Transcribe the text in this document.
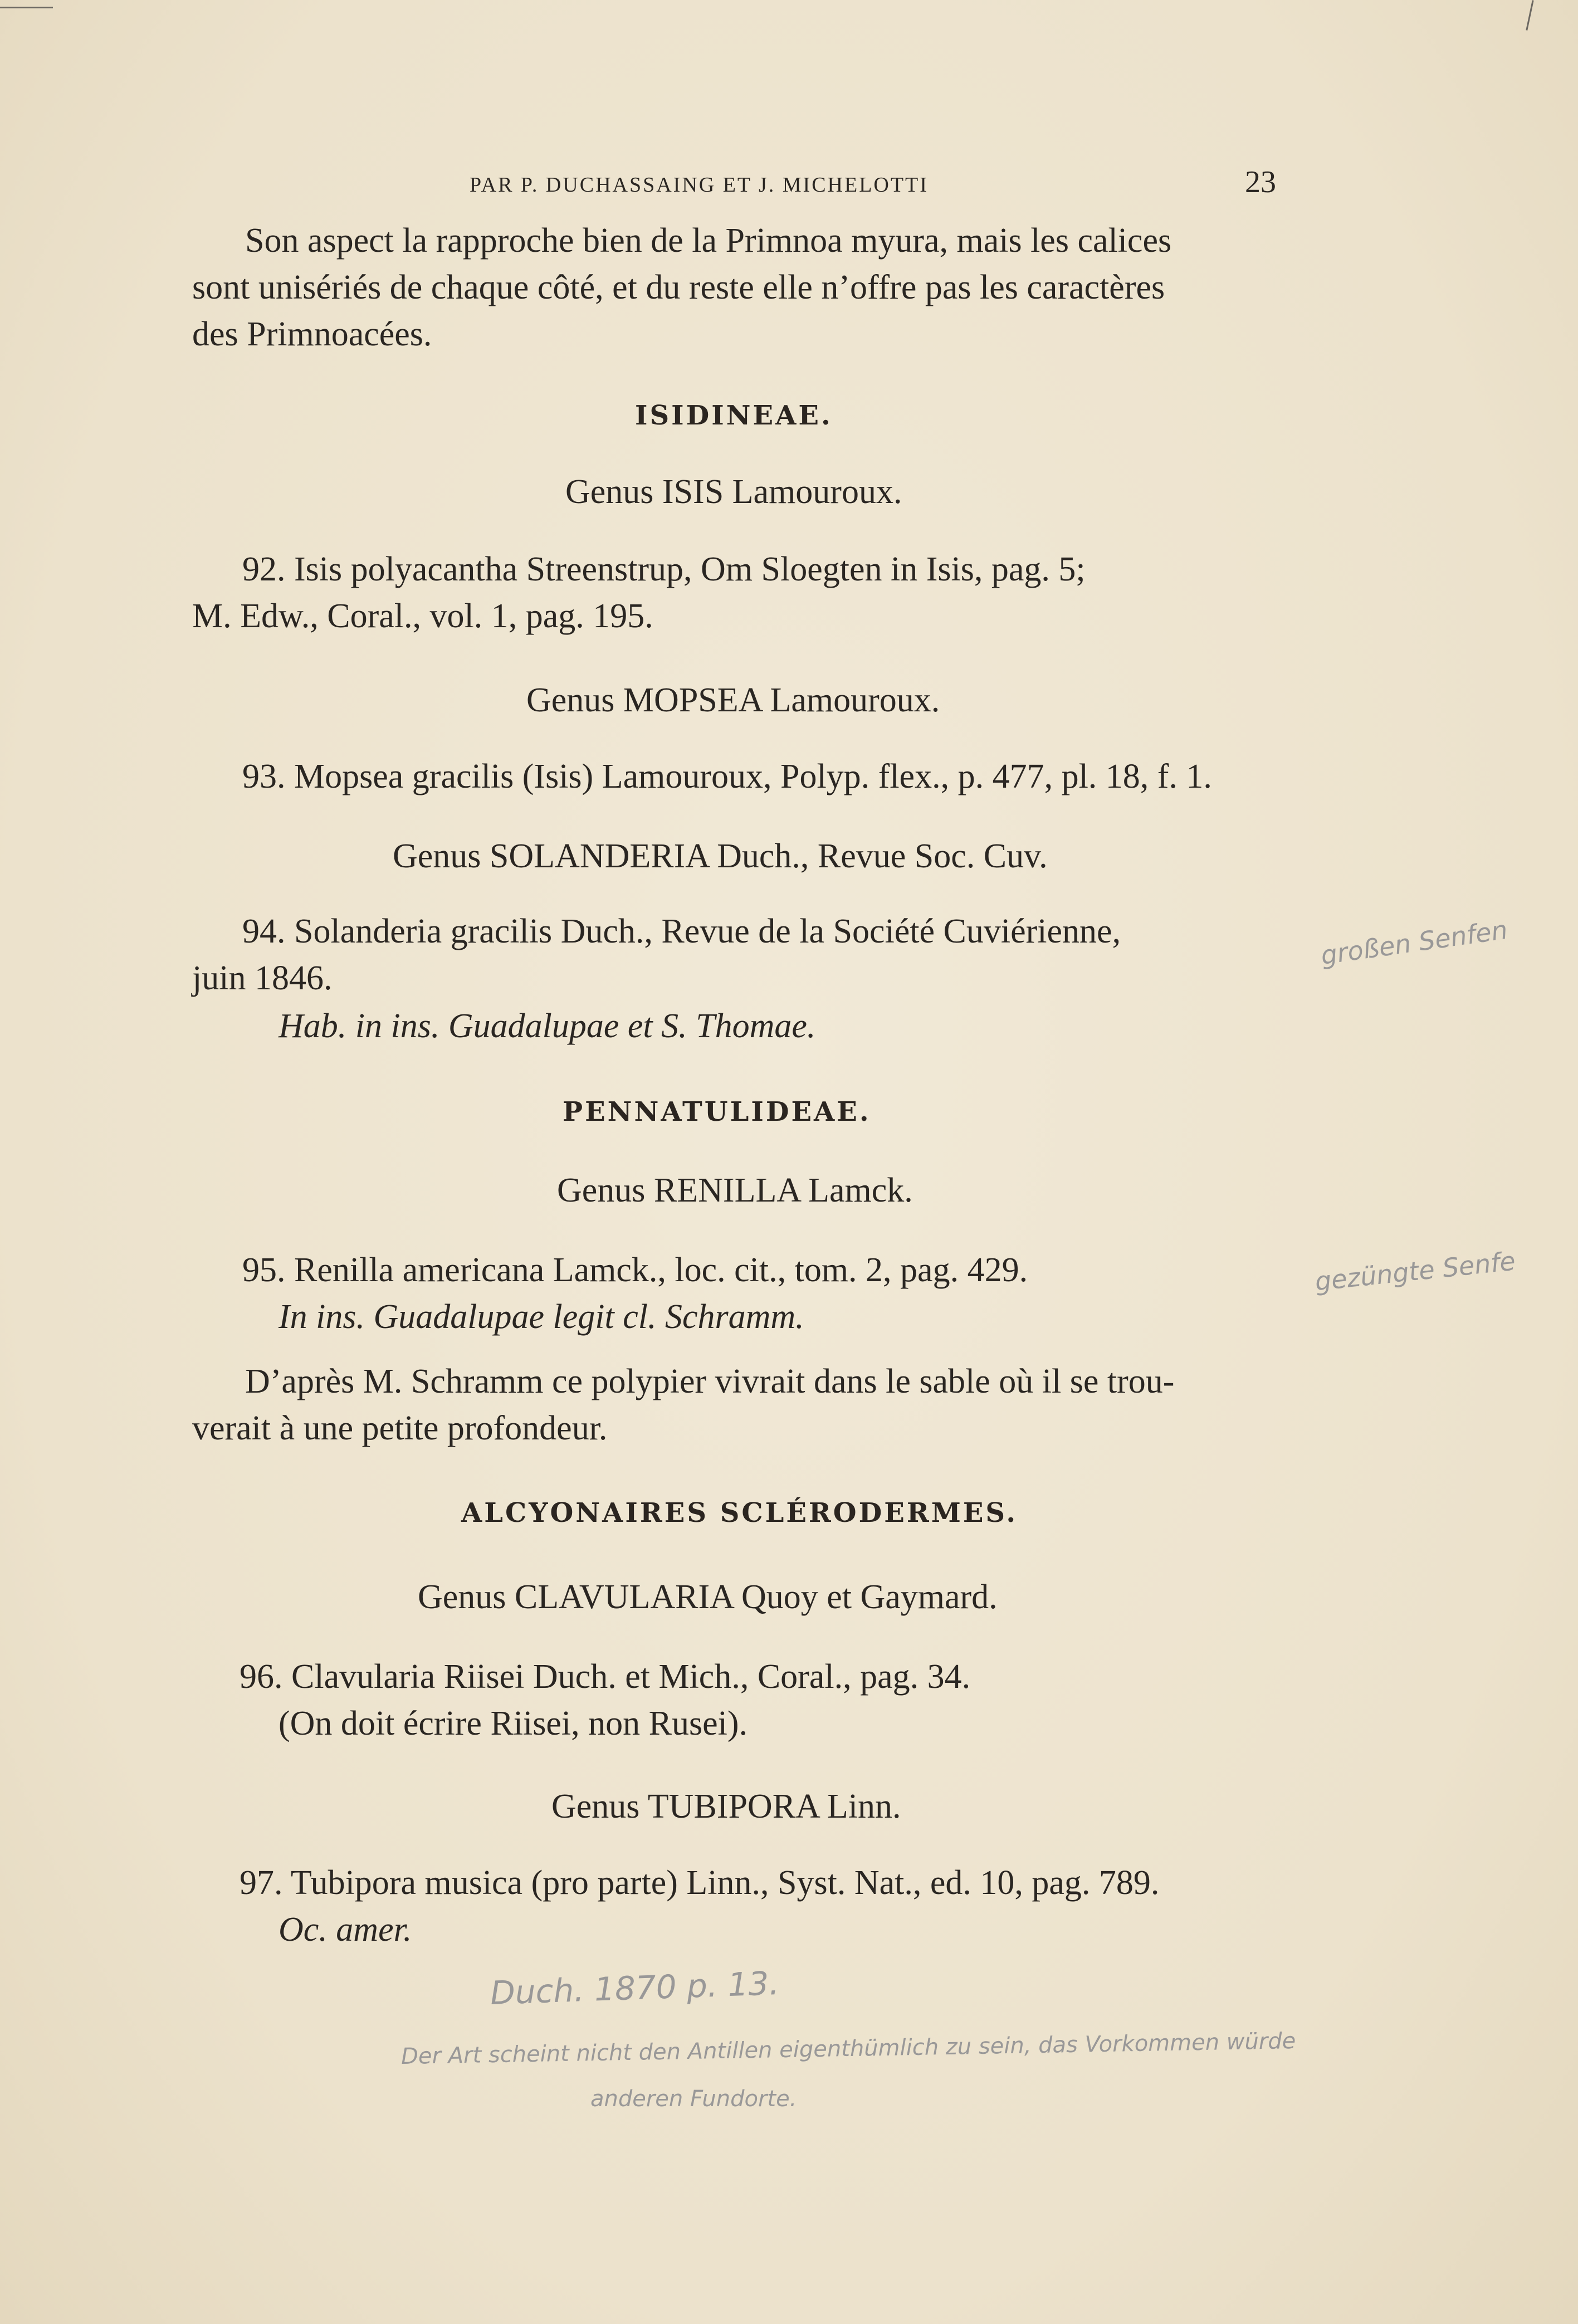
PAR P. DUCHASSAING ET J. MICHELOTTI	23
Son aspect la rapproche bien de la Primnoa myura, mais les calices
sont unisériés de chaque côté, et du reste elle n’offre pas les caractères
des Primnoacées.
ISIDINEAE.
Genus ISIS Lamouroux.
92. Isis polyacantha Streenstrup, Om Sloegten in Isis, pag. 5;
M. Edw., Coral., vol. 1, pag. 195.
Genus MOPSEA Lamouroux.
93. Mopsea gracilis (Isis) Lamouroux, Polyp. flex., p. 477, pl. 18, f. 1.
Genus SOLANDERIA Duch., Revue Soc. Cuv.
94. Solanderia gracilis Duch., Revue de la Société Cuviérienne,
juin 1846.
Hab. in ins. Guadalupae et S. Thomae.
PENNATULIDEAE.
Genus RENILLA Lamck.
95. Renilla americana Lamck., loc. cit., tom. 2, pag. 429.
In ins. Guadalupae legit cl. Schramm.
D’après M. Schramm ce polypier vivrait dans le sable où il se trou-
verait à une petite profondeur.
ALCYONAIRES SCLÉRODERMES.
Genus CLAVULARIA Quoy et Gaymard.
96. Clavularia Riisei Duch. et Mich., Coral., pag. 34.
(On doit écrire Riisei, non Rusei).
Genus TUBIPORA Linn.
97. Tubipora musica (pro parte) Linn., Syst. Nat., ed. 10, pag. 789.
Oc. amer.
großen Senfen
gezüngte Senfe
Duch. 1870 p. 13.
Der Art scheint nicht den Antillen eigenthümlich zu sein, das Vorkommen würde
anderen Fundorte.
